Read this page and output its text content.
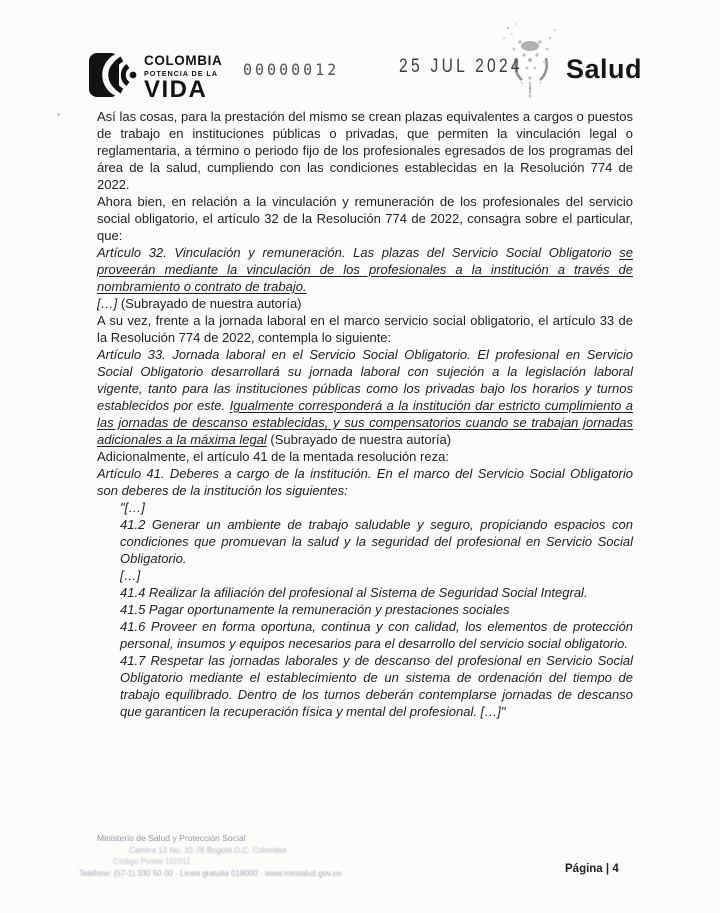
COLOMBIA
POTENCIA DE LA
VIDA
00000012	25 JUL 2024 Salud

Así las cosas, para la prestación del mismo se crean plazas equivalentes a cargos o puestos de trabajo en instituciones públicas o privadas, que permiten la vinculación legal o reglamentaria, a término o periodo fijo de los profesionales egresados de los programas del área de la salud, cumpliendo con las condiciones establecidas en la Resolución 774 de 2022.

Ahora bien, en relación a la vinculación y remuneración de los profesionales del servicio social obligatorio, el artículo 32 de la Resolución 774 de 2022, consagra sobre el particular, que:

Artículo 32. Vinculación y remuneración. Las plazas del Servicio Social Obligatorio se proveerán mediante la vinculación de los profesionales a la institución a través de nombramiento o contrato de trabajo.
[…] (Subrayado de nuestra autoría)

A su vez, frente a la jornada laboral en el marco servicio social obligatorio, el artículo 33 de la Resolución 774 de 2022, contempla lo siguiente:

Artículo 33. Jornada laboral en el Servicio Social Obligatorio. El profesional en Servicio Social Obligatorio desarrollará su jornada laboral con sujeción a la legislación laboral vigente, tanto para las instituciones públicas como los privadas bajo los horarios y turnos establecidos por este. Igualmente corresponderá a la institución dar estricto cumplimiento a las jornadas de descanso establecidas, y sus compensatorios cuando se trabajan jornadas adicionales a la máxima legal (Subrayado de nuestra autoría)

Adicionalmente, el artículo 41 de la mentada resolución reza:

Artículo 41. Deberes a cargo de la institución. En el marco del Servicio Social Obligatorio son deberes de la institución los siguientes:

"[…]
41.2 Generar un ambiente de trabajo saludable y seguro, propiciando espacios con condiciones que promuevan la salud y la seguridad del profesional en Servicio Social Obligatorio.
[…]
41.4 Realizar la afiliación del profesional al Sistema de Seguridad Social Integral.
41.5 Pagar oportunamente la remuneración y prestaciones sociales
41.6 Proveer en forma oportuna, continua y con calidad, los elementos de protección personal, insumos y equipos necesarios para el desarrollo del servicio social obligatorio.
41.7 Respetar las jornadas laborales y de descanso del profesional en Servicio Social Obligatorio mediante el establecimiento de un sistema de ordenación del tiempo de trabajo equilibrado. Dentro de los turnos deberán contemplarse jornadas de descanso que garanticen la recuperación física y mental del profesional. […]"
Ministerio de Salud y Protección Social
Carrera 13 No. 32-76 Bogotá D.C. Colombia
Código Postal 110311
Teléfono: (57-1) 330 50 00 · Línea gratuita 018000 · www.minsalud.gov.co	Página | 4
